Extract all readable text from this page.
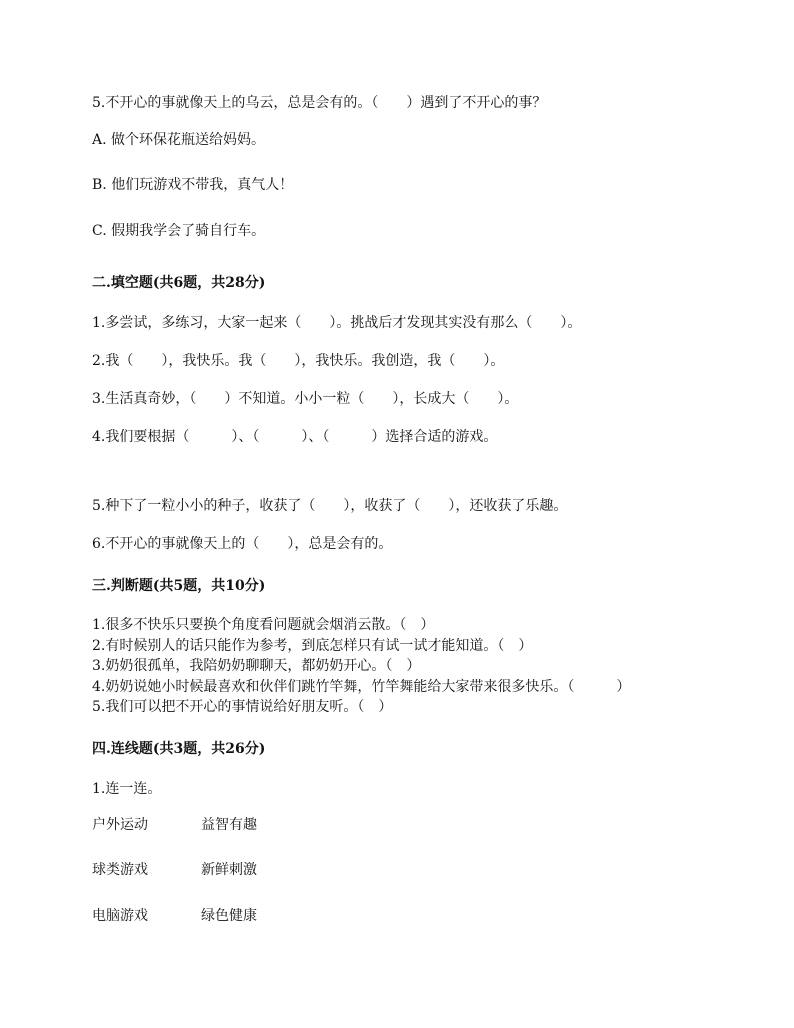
5.不开心的事就像天上的乌云，总是会有的。（　　）遇到了不开心的事？
A. 做个环保花瓶送给妈妈。
B. 他们玩游戏不带我，真气人！
C. 假期我学会了骑自行车。
二.填空题(共6题，共28分)
1.多尝试，多练习，大家一起来（　　）。挑战后才发现其实没有那么（　　）。
2.我（　　），我快乐。我（　　），我快乐。我创造，我（　　）。
3.生活真奇妙，（　　）不知道。小小一粒（　　），长成大（　　）。
4.我们要根据（　　　）、（　　　）、（　　　）选择合适的游戏。
5.种下了一粒小小的种子，收获了（　　），收获了（　　），还收获了乐趣。
6.不开心的事就像天上的（　　），总是会有的。
三.判断题(共5题，共10分)
1.很多不快乐只要换个角度看问题就会烟消云散。（　）
2.有时候别人的话只能作为参考，到底怎样只有试一试才能知道。（　）
3.奶奶很孤单，我陪奶奶聊聊天，都奶奶开心。（　）
4.奶奶说她小时候最喜欢和伙伴们跳竹竿舞，竹竿舞能给大家带来很多快乐。（　　　）
5.我们可以把不开心的事情说给好朋友听。（　）
四.连线题(共3题，共26分)
1.连一连。
户外运动	益智有趣
球类游戏	新鲜刺激
电脑游戏	绿色健康
